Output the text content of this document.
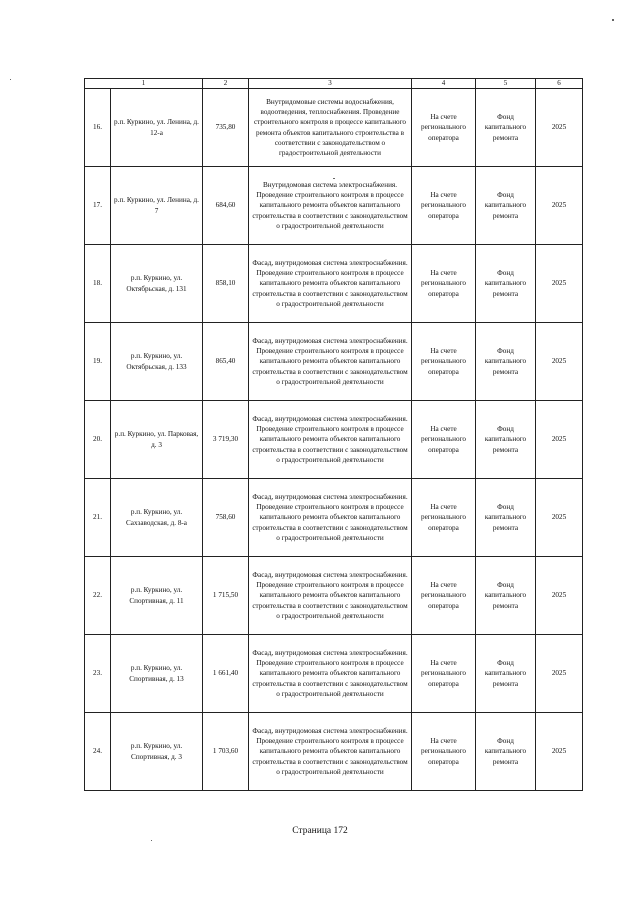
1		2	3	4	5	6
16.	р.п. Куркино, ул. Ленина, д. 12-а	735,80	Внутридомовые системы водоснабжения, водоотведения, теплоснабжения. Проведение строительного контроля в процессе капитального ремонта объектов капитального строительства в соответствии с законодательством о градостроительной деятельности	На счете регионального оператора	Фонд капитального ремонта	2025
17.	р.п. Куркино, ул. Ленина, д. 7	684,60	Внутридомовая система электроснабжения. Проведение строительного контроля в процессе капитального ремонта объектов капитального строительства в соответствии с законодательством о градостроительной деятельности	На счете регионального оператора	Фонд капитального ремонта	2025
18.	р.п. Куркино, ул. Октябрьская, д. 131	858,10	Фасад, внутридомовая система электроснабжения. Проведение строительного контроля в процессе капитального ремонта объектов капитального строительства в соответствии с законодательством о градостроительной деятельности	На счете регионального оператора	Фонд капитального ремонта	2025
19.	р.п. Куркино, ул. Октябрьская, д. 133	865,40	Фасад, внутридомовая система электроснабжения. Проведение строительного контроля в процессе капитального ремонта объектов капитального строительства в соответствии с законодательством о градостроительной деятельности	На счете регионального оператора	Фонд капитального ремонта	2025
20.	р.п. Куркино, ул. Парковая, д. 3	3 719,30	Фасад, внутридомовая система электроснабжения. Проведение строительного контроля в процессе капитального ремонта объектов капитального строительства в соответствии с законодательством о градостроительной деятельности	На счете регионального оператора	Фонд капитального ремонта	2025
21.	р.п. Куркино, ул. Сахзаводская, д. 8-а	758,60	Фасад, внутридомовая система электроснабжения. Проведение строительного контроля в процессе капитального ремонта объектов капитального строительства в соответствии с законодательством о градостроительной деятельности	На счете регионального оператора	Фонд капитального ремонта	2025
22.	р.п. Куркино, ул. Спортивная, д. 11	1 715,50	Фасад, внутридомовая система электроснабжения. Проведение строительного контроля в процессе капитального ремонта объектов капитального строительства в соответствии с законодательством о градостроительной деятельности	На счете регионального оператора	Фонд капитального ремонта	2025
23.	р.п. Куркино, ул. Спортивная, д. 13	1 661,40	Фасад, внутридомовая система электроснабжения. Проведение строительного контроля в процессе капитального ремонта объектов капитального строительства в соответствии с законодательством о градостроительной деятельности	На счете регионального оператора	Фонд капитального ремонта	2025
24.	р.п. Куркино, ул. Спортивная, д. 3	1 703,60	Фасад, внутридомовая система электроснабжения. Проведение строительного контроля в процессе капитального ремонта объектов капитального строительства в соответствии с законодательством о градостроительной деятельности	На счете регионального оператора	Фонд капитального ремонта	2025
Страница 172
